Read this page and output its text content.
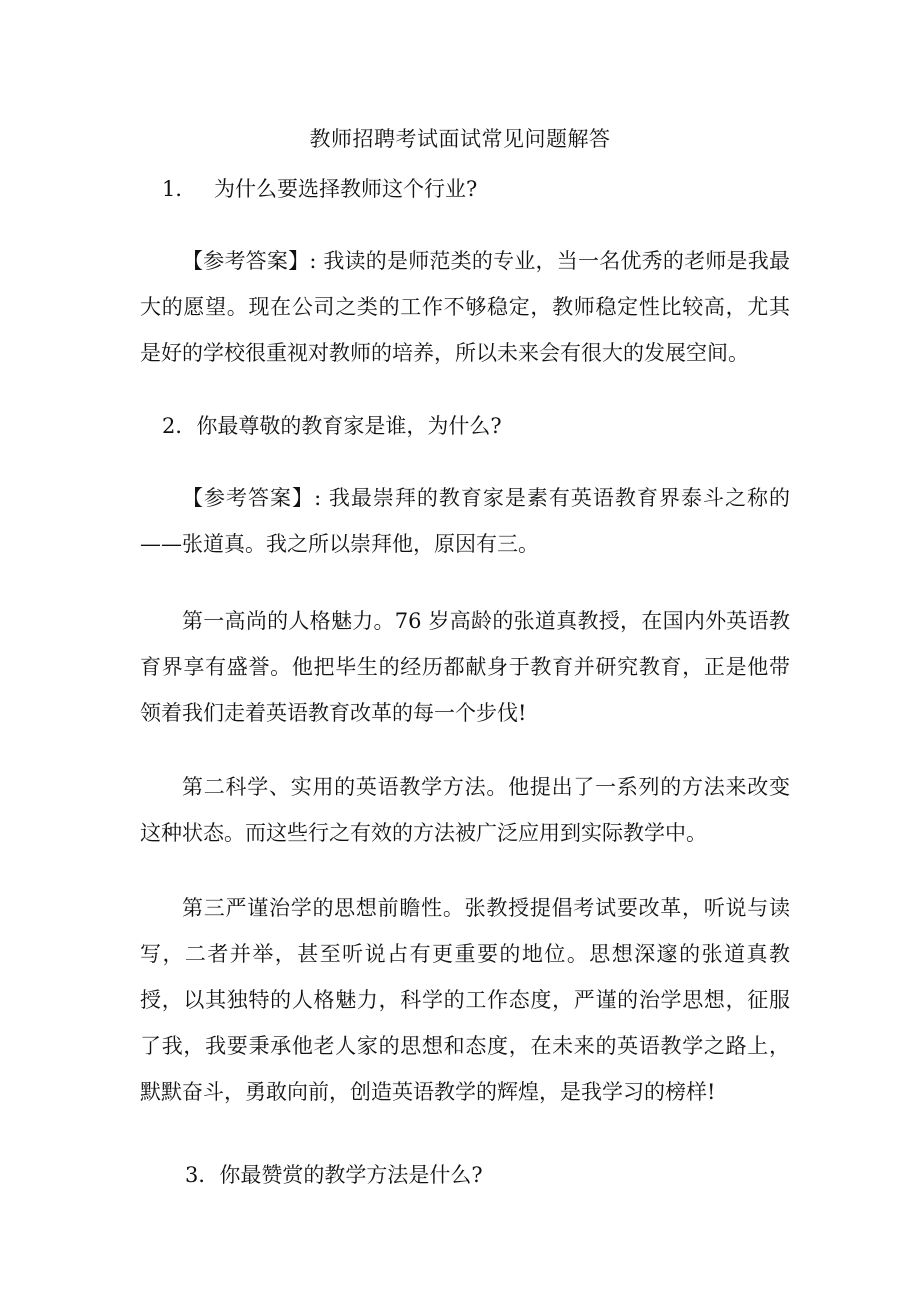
教师招聘考试面试常见问题解答
1． 为什么要选择教师这个行业?

【参考答案】: 我读的是师范类的专业，当一名优秀的老师是我最大的愿望。现在公司之类的工作不够稳定，教师稳定性比较高，尤其是好的学校很重视对教师的培养，所以未来会有很大的发展空间。

2．你最尊敬的教育家是谁，为什么?

【参考答案】: 我最崇拜的教育家是素有英语教育界泰斗之称的——张道真。我之所以崇拜他，原因有三。

第一高尚的人格魅力。76 岁高龄的张道真教授，在国内外英语教育界享有盛誉。他把毕生的经历都献身于教育并研究教育，正是他带领着我们走着英语教育改革的每一个步伐!

第二科学、实用的英语教学方法。他提出了一系列的方法来改变这种状态。而这些行之有效的方法被广泛应用到实际教学中。

第三严谨治学的思想前瞻性。张教授提倡考试要改革，听说与读写，二者并举，甚至听说占有更重要的地位。思想深邃的张道真教授，以其独特的人格魅力，科学的工作态度，严谨的治学思想，征服了我，我要秉承他老人家的思想和态度，在未来的英语教学之路上，默默奋斗，勇敢向前，创造英语教学的辉煌，是我学习的榜样!

3．你最赞赏的教学方法是什么?
